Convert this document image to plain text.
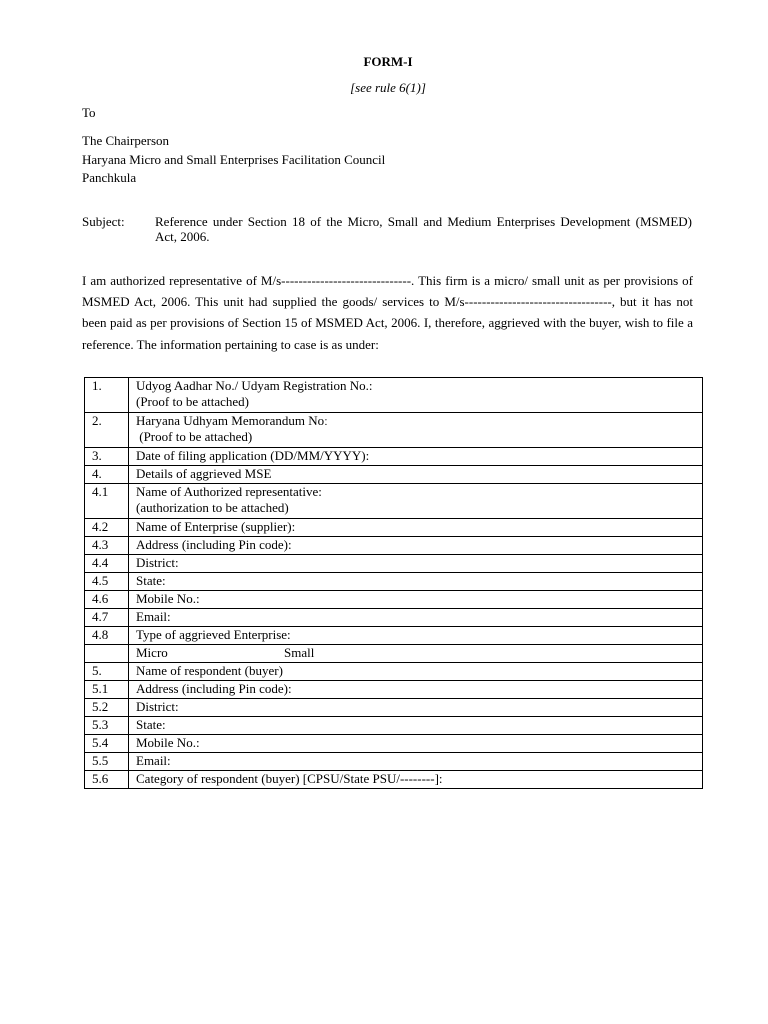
FORM-I
[see rule 6(1)]
To
The Chairperson
Haryana Micro and Small Enterprises Facilitation Council
Panchkula
Subject: Reference under Section 18 of the Micro, Small and Medium Enterprises Development (MSMED) Act, 2006.
I am authorized representative of M/s------------------------------. This firm is a micro/ small unit as per provisions of MSMED Act, 2006. This unit had supplied the goods/ services to M/s----------------------------------, but it has not been paid as per provisions of Section 15 of MSMED Act, 2006. I, therefore, aggrieved with the buyer, wish to file a reference. The information pertaining to case is as under:
1.	Udyog Aadhar No./ Udyam Registration No.:
(Proof to be attached)

2.	Haryana Udhyam Memorandum Noː
(Proof to be attached)

3.	Date of filing application (DD/MM/YYYY):
4.	Details of aggrieved MSE
4.1	Name of Authorized representative:
(authorization to be attached)

4.2	Name of Enterprise (supplier):
4.3	Address (including Pin code):
4.4	District:
4.5	State:
4.6	Mobile No.:
4.7	Email:
4.8	Type of aggrieved Enterprise:
	Micro Small
5.	Name of respondent (buyer)
5.1	Address (including Pin code):
5.2	District:
5.3	State:
5.4	Mobile No.:
5.5	Email:
5.6	Category of respondent (buyer) [CPSU/State PSU/--------]:
